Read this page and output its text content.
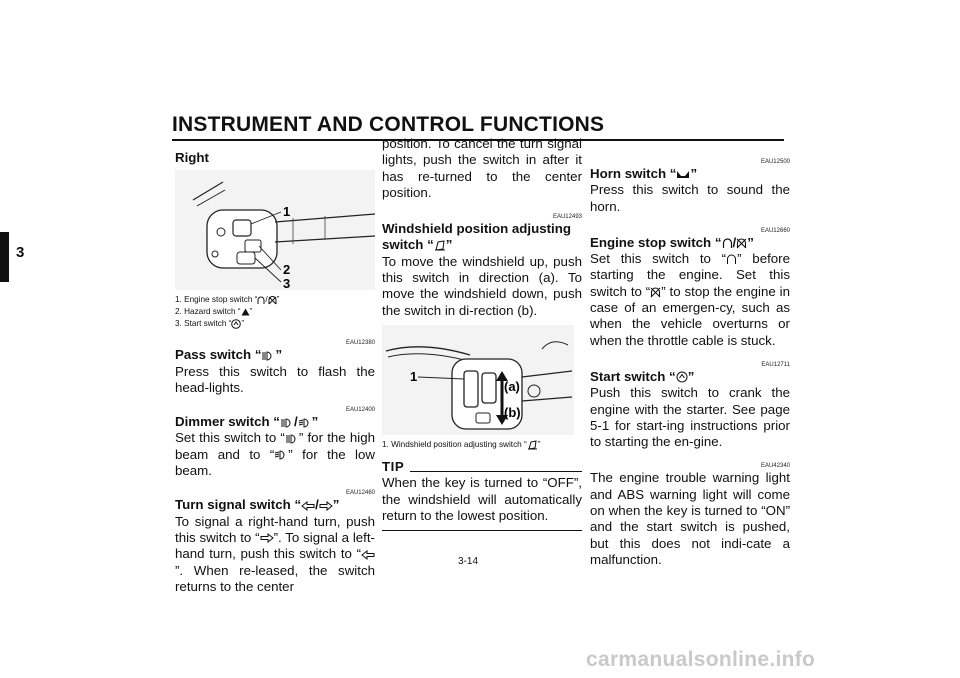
INSTRUMENT AND CONTROL FUNCTIONS
3

Right

1
2
3

1. Engine stop switch “ / ”

2. Hazard switch “ ”

3. Start switch “ ”

EAU12380

Pass switch “ ”

Press this switch to flash the head-lights.

EAU12400

Dimmer switch “ / ”

Set this switch to “ ” for the high beam and to “ ” for the low beam.

EAU12460

Turn signal switch “ / ”

To signal a right-hand turn, push this switch to “ ”. To signal a left-hand turn, push this switch to “”. When re-leased, the switch returns to the center

position. To cancel the turn signal lights, push the switch in after it has re-turned to the center position.

EAU12493

Windshield position adjusting

switch “ ”

To move the windshield up, push this switch in direction (a). To move the windshield down, push the switch in di-rection (b).

1
(a)
(b)

1. Windshield position adjusting switch “ ”

TIP

When the key is turned to “OFF”, the windshield will automatically return to the lowest position.

EAU12500

Horn switch “ ”

Press this switch to sound the horn.

EAU12660

Engine stop switch “ / ”

Set this switch to “ ” before starting the engine. Set this switch to “ ” to stop the engine in case of an emergen-cy, such as when the vehicle overturns or when the throttle cable is stuck.

EAU12711

Start switch “ ”

Push this switch to crank the engine with the starter. See page 5-1 for start-ing instructions prior to starting the en-gine.

EAU42340

The engine trouble warning light and ABS warning light will come on when the key is turned to “ON” and the start switch is pushed, but this does not indi-cate a malfunction.

3-14
carmanualsonline.info
